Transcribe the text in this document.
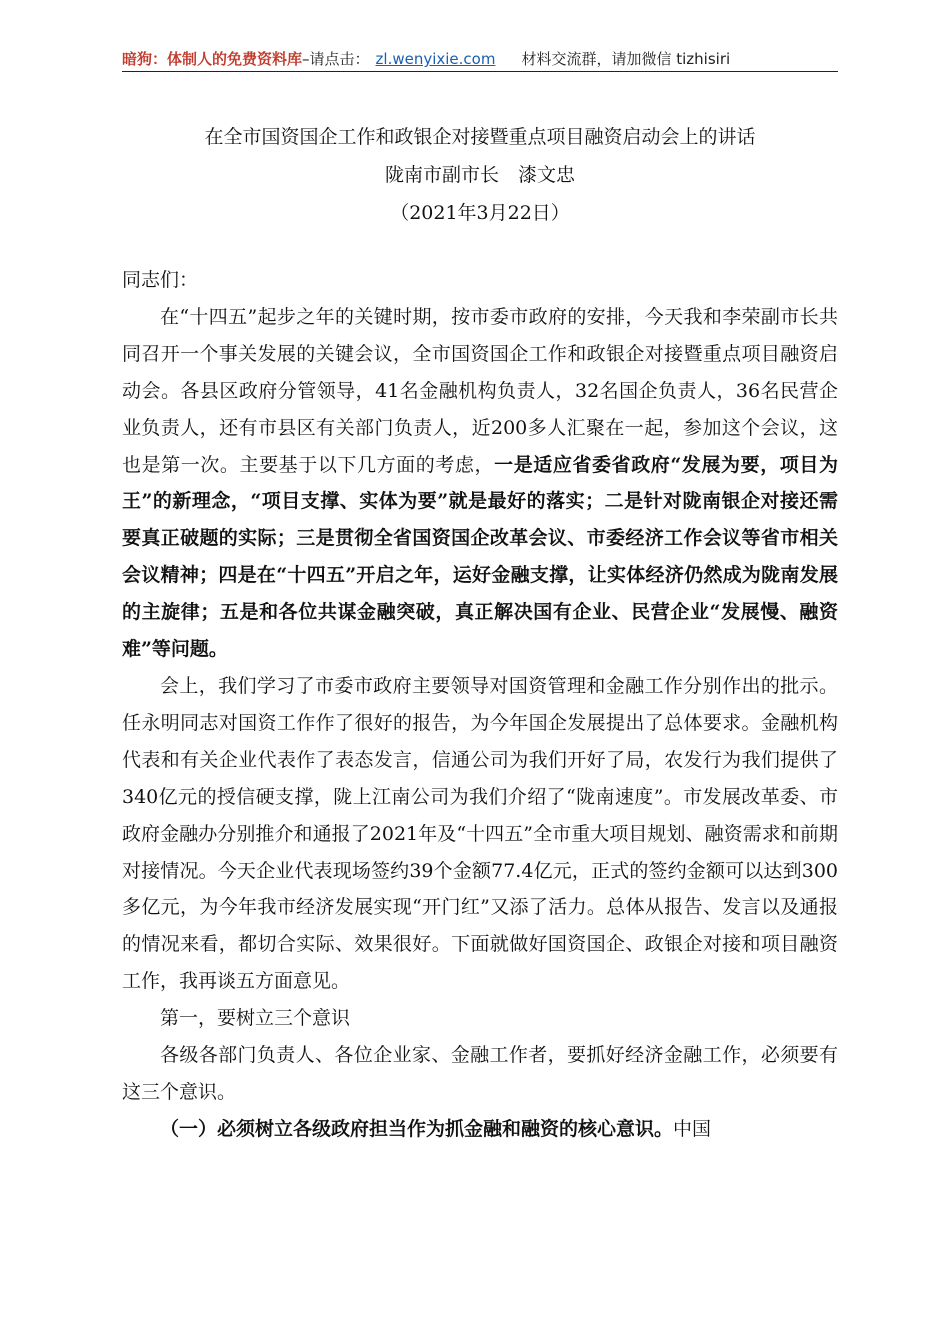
暗狗：体制人的免费资料库–请点击： zl.wenyixie.com 材料交流群，请加微信 tizhisiri
在全市国资国企工作和政银企对接暨重点项目融资启动会上的讲话
陇南市副市长　漆文忠
（2021年3月22日）

同志们：

在“十四五”起步之年的关键时期，按市委市政府的安排，今天我和李荣副市长共同召开一个事关发展的关键会议，全市国资国企工作和政银企对接暨重点项目融资启动会。各县区政府分管领导，41名金融机构负责人，32名国企负责人，36名民营企业负责人，还有市县区有关部门负责人，近200多人汇聚在一起，参加这个会议，这也是第一次。主要基于以下几方面的考虑，一是适应省委省政府“发展为要，项目为王”的新理念，“项目支撑、实体为要”就是最好的落实；二是针对陇南银企对接还需要真正破题的实际；三是贯彻全省国资国企改革会议、市委经济工作会议等省市相关会议精神；四是在“十四五”开启之年，运好金融支撑，让实体经济仍然成为陇南发展的主旋律；五是和各位共谋金融突破，真正解决国有企业、民营企业“发展慢、融资难”等问题。

会上，我们学习了市委市政府主要领导对国资管理和金融工作分别作出的批示。任永明同志对国资工作作了很好的报告，为今年国企发展提出了总体要求。金融机构代表和有关企业代表作了表态发言，信通公司为我们开好了局，农发行为我们提供了340亿元的授信硬支撑，陇上江南公司为我们介绍了“陇南速度”。市发展改革委、市政府金融办分别推介和通报了2021年及“十四五”全市重大项目规划、融资需求和前期对接情况。今天企业代表现场签约39个金额77.4亿元，正式的签约金额可以达到300多亿元，为今年我市经济发展实现“开门红”又添了活力。总体从报告、发言以及通报的情况来看，都切合实际、效果很好。下面就做好国资国企、政银企对接和项目融资工作，我再谈五方面意见。

第一，要树立三个意识

各级各部门负责人、各位企业家、金融工作者，要抓好经济金融工作，必须要有这三个意识。

（一）必须树立各级政府担当作为抓金融和融资的核心意识。中国
